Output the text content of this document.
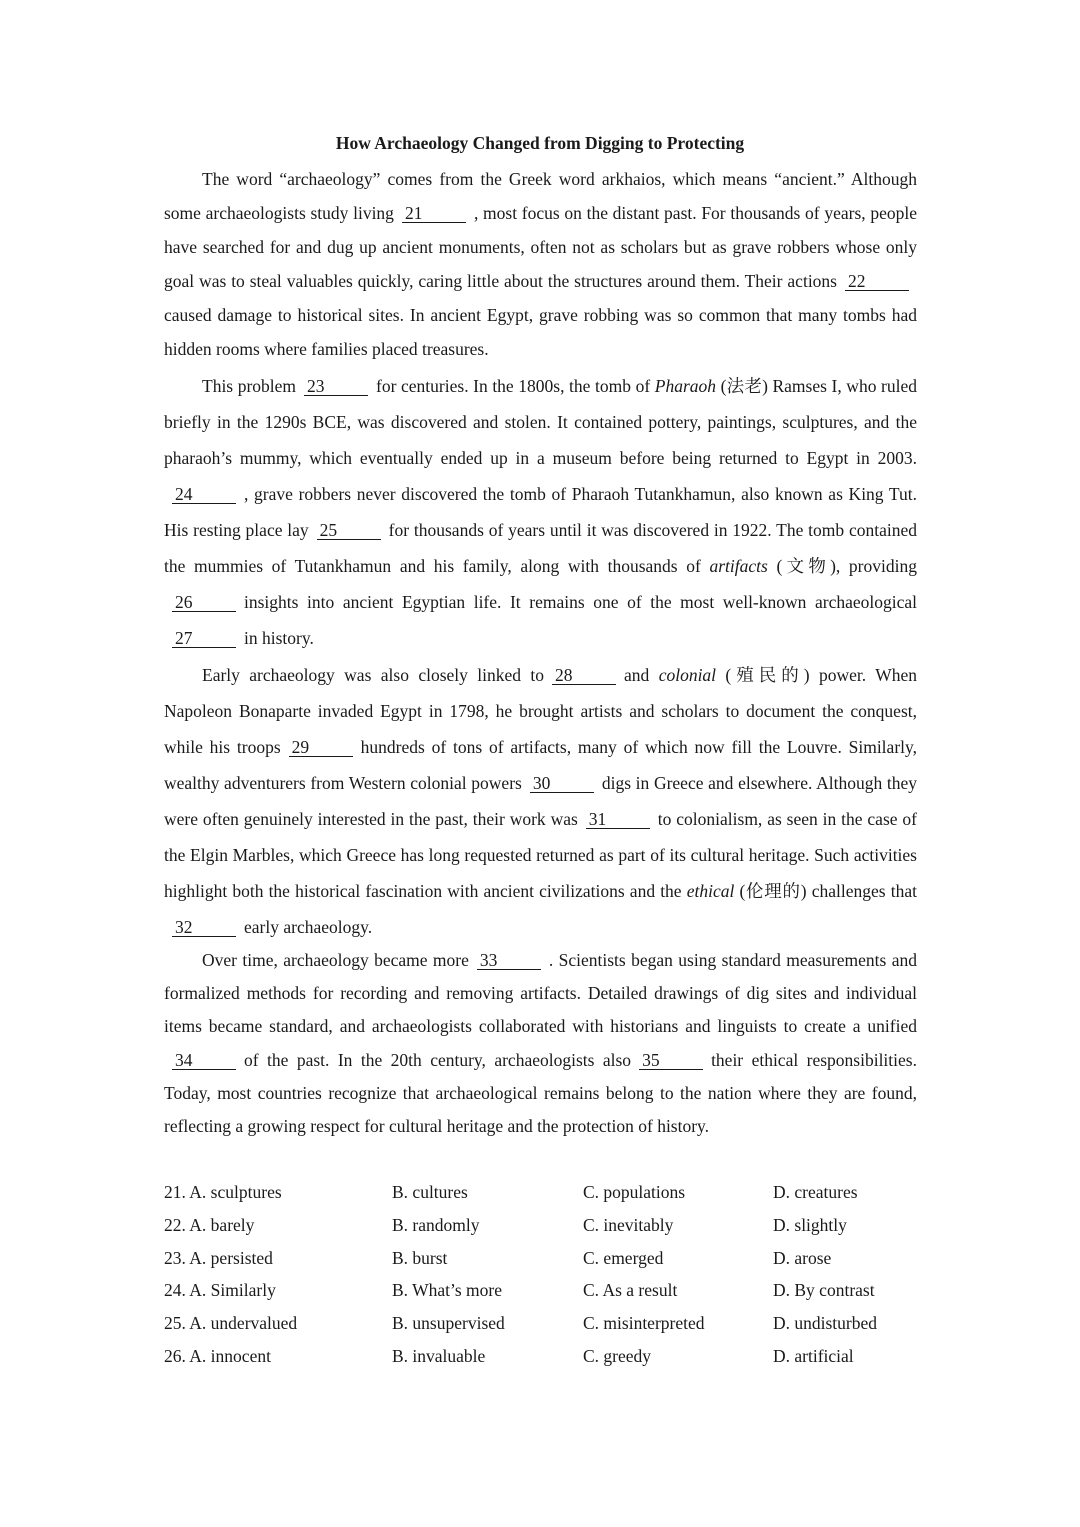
How Archaeology Changed from Digging to Protecting
The word “archaeology” comes from the Greek word arkhaios, which means “ancient.” Although some archaeologists study living 21	, most focus on the distant past. For thousands of years, people have searched for and dug up ancient monuments, often not as scholars but as grave robbers whose only goal was to steal valuables quickly, caring little about the structures around them. Their actions 22caused damage to historical sites. In ancient Egypt, grave robbing was so common that many tombs had hidden rooms where families placed treasures.
This problem 23	for centuries. In the 1800s, the tomb of Pharaoh (法老) Ramses I, who ruled briefly in the 1290s BCE, was discovered and stolen. It contained pottery, paintings, sculptures, and the pharaoh’s mummy, which eventually ended up in a museum before being returned to Egypt in 2003.24	, grave robbers never discovered the tomb of Pharaoh Tutankhamun, also known as King Tut. His resting place lay 25	for thousands of years until it was discovered in 1922. The tomb contained the mummies of Tutankhamun and his family, along with thousands of artifacts (文物), providing26	insights into ancient Egyptian life. It remains one of the most well-known archaeological27	in history.
Early archaeology was also closely linked to 28	and colonial (殖民的) power. When Napoleon Bonaparte invaded Egypt in 1798, he brought artists and scholars to document the conquest, while his troops 29	hundreds of tons of artifacts, many of which now fill the Louvre. Similarly, wealthy adventurers from Western colonial powers 30	digs in Greece and elsewhere. Although they were often genuinely interested in the past, their work was 31	to colonialism, as seen in the case of the Elgin Marbles, which Greece has long requested returned as part of its cultural heritage. Such activities highlight both the historical fascination with ancient civilizations and the ethical (伦理的) challenges that32	early archaeology.
Over time, archaeology became more 33	. Scientists began using standard measurements and formalized methods for recording and removing artifacts. Detailed drawings of dig sites and individual items became standard, and archaeologists collaborated with historians and linguists to create a unified34	of the past. In the 20th century, archaeologists also 35	their ethical responsibilities. Today, most countries recognize that archaeological remains belong to the nation where they are found, reflecting a growing respect for cultural heritage and the protection of history.
21. A. sculptures	B. cultures	C. populations	D. creatures
22. A. barely	B. randomly	C. inevitably	D. slightly
23. A. persisted	B. burst	C. emerged	D. arose
24. A. Similarly	B. What’s more	C. As a result	D. By contrast
25. A. undervalued	B. unsupervised	C. misinterpreted	D. undisturbed
26. A. innocent	B. invaluable	C. greedy	D. artificial
